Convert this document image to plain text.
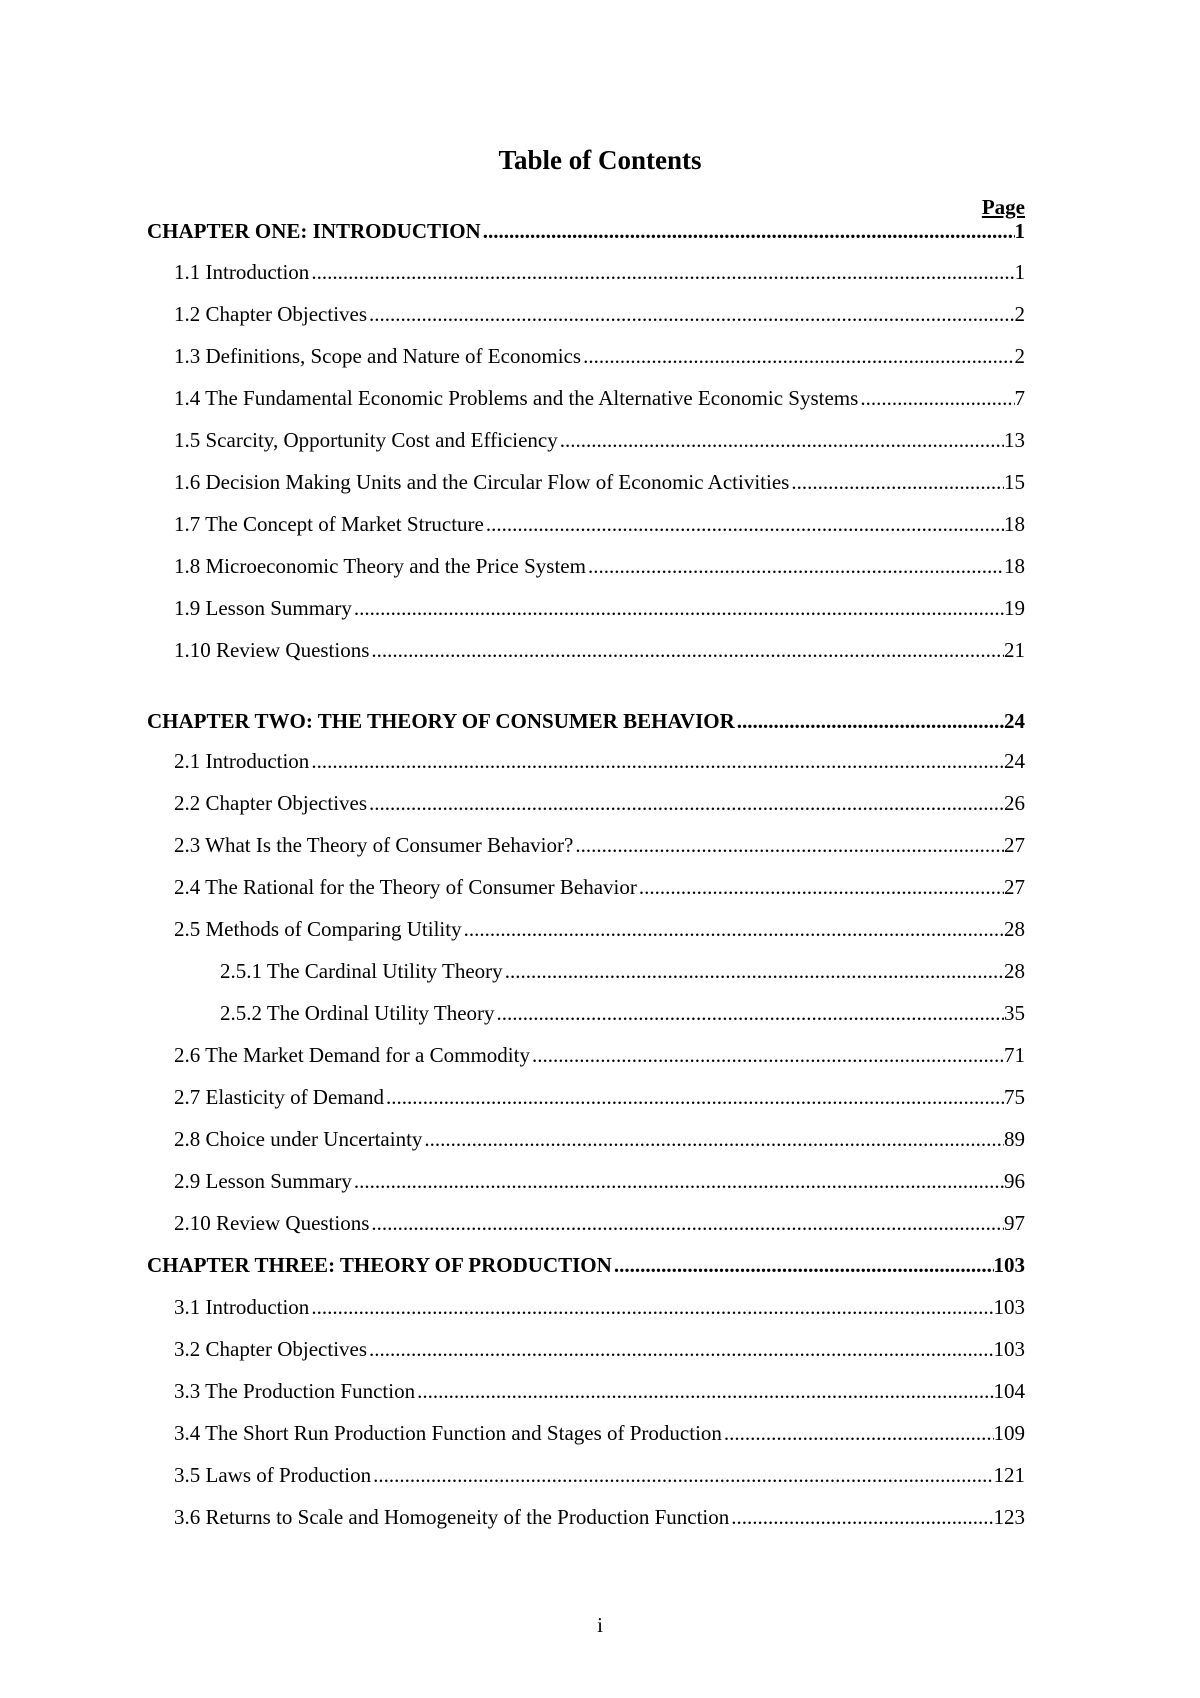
Table of Contents
Page
CHAPTER ONE: INTRODUCTION .....	1
1.1 Introduction .....	1
1.2 Chapter Objectives .....	2
1.3 Definitions, Scope and Nature of Economics .....	2
1.4 The Fundamental Economic Problems and the Alternative Economic Systems .....	7
1.5 Scarcity, Opportunity Cost and Efficiency .....	13
1.6 Decision Making Units and the Circular Flow of Economic Activities .....	15
1.7 The Concept of Market Structure .....	18
1.8 Microeconomic Theory and the Price System .....	18
1.9 Lesson Summary .....	19
1.10 Review Questions .....	21
CHAPTER TWO: THE THEORY OF CONSUMER BEHAVIOR .....	24
2.1 Introduction .....	24
2.2 Chapter Objectives .....	26
2.3 What Is the Theory of Consumer Behavior? .....	27
2.4 The Rational for the Theory of Consumer Behavior .....	27
2.5 Methods of Comparing Utility .....	28
2.5.1 The Cardinal Utility Theory .....	28
2.5.2 The Ordinal Utility Theory .....	35
2.6 The Market Demand for a Commodity .....	71
2.7 Elasticity of Demand .....	75
2.8 Choice under Uncertainty .....	89
2.9 Lesson Summary .....	96
2.10 Review Questions .....	97
CHAPTER THREE: THEORY OF PRODUCTION .....	103
3.1 Introduction .....	103
3.2 Chapter Objectives .....	103
3.3 The Production Function .....	104
3.4 The Short Run Production Function and Stages of Production .....	109
3.5 Laws of Production .....	121
3.6 Returns to Scale and Homogeneity of the Production Function .....	123
i
